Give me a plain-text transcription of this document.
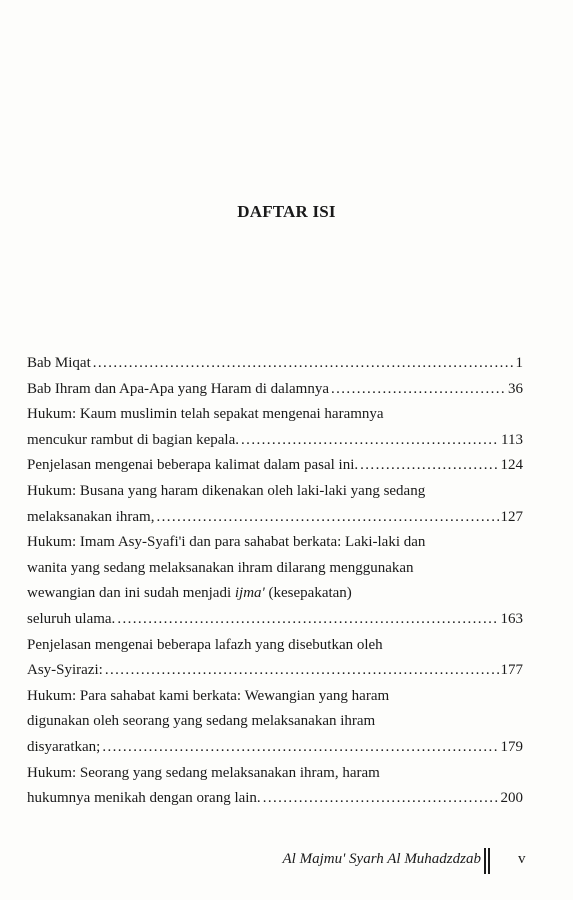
DAFTAR ISI
Bab Miqat .....	1
Bab Ihram dan Apa-Apa yang Haram di dalamnya .....	36
Hukum: Kaum muslimin telah sepakat mengenai haramnya
mencukur rambut di bagian kepala. .....	113
Penjelasan mengenai beberapa kalimat dalam pasal ini. .....	124
Hukum: Busana yang haram dikenakan oleh laki-laki yang sedang
melaksanakan ihram, .....	127
Hukum: Imam Asy-Syafi'i dan para sahabat berkata: Laki-laki dan
wanita yang sedang melaksanakan ihram dilarang menggunakan
wewangian dan ini sudah menjadi ijma' (kesepakatan)
seluruh ulama. .....	163
Penjelasan mengenai beberapa lafazh yang disebutkan oleh
Asy-Syirazi: .....	177
Hukum: Para sahabat kami berkata: Wewangian yang haram
digunakan oleh seorang yang sedang melaksanakan ihram
disyaratkan; .....	179
Hukum: Seorang yang sedang melaksanakan ihram, haram
hukumnya menikah dengan orang lain. .....	200
Al Majmu' Syarh Al Muhadzdzab v
